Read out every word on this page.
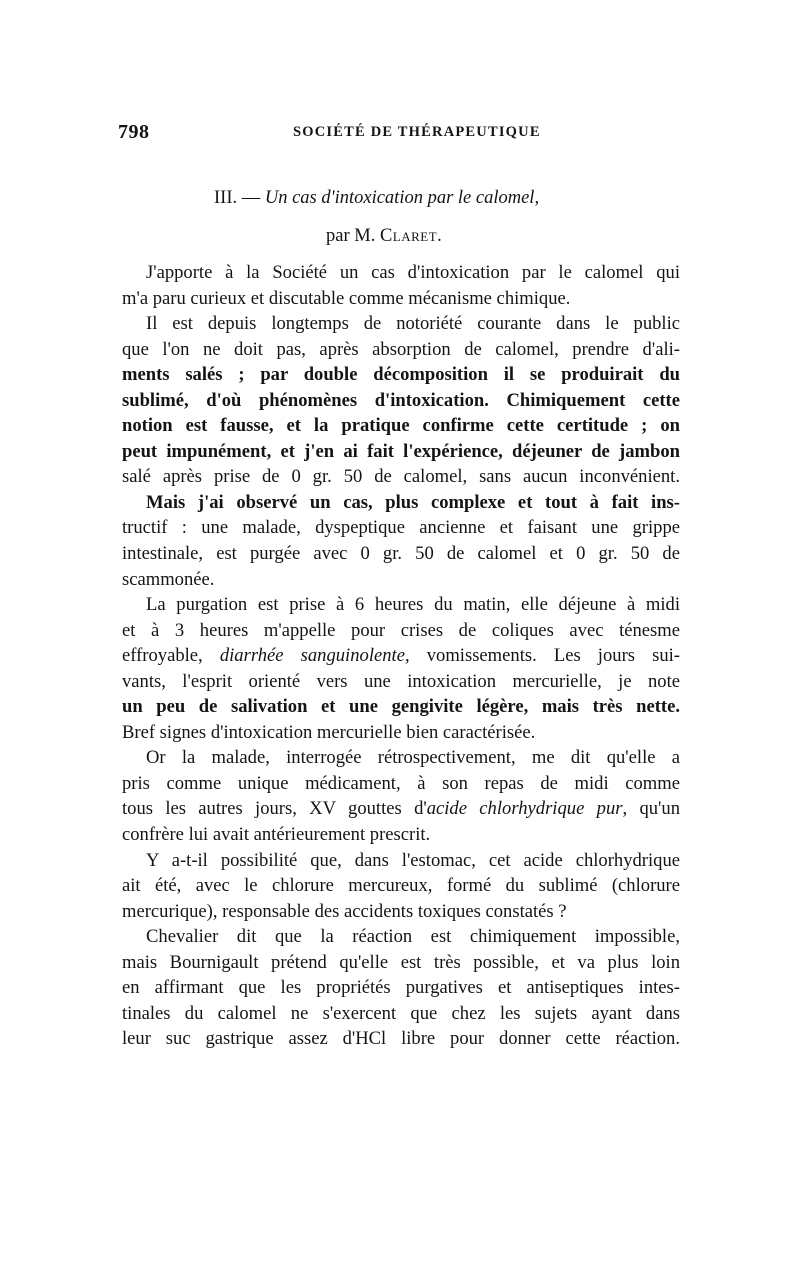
798	SOCIÉTÉ DE THÉRAPEUTIQUE
III. — Un cas d'intoxication par le calomel,
par M. Claret.
J'apporte à la Société un cas d'intoxication par le calomel qui
m'a paru curieux et discutable comme mécanisme chimique.
Il est depuis longtemps de notoriété courante dans le public
que l'on ne doit pas, après absorption de calomel, prendre d'ali-
ments salés ; par double décomposition il se produirait du
sublimé, d'où phénomènes d'intoxication. Chimiquement cette
notion est fausse, et la pratique confirme cette certitude ; on
peut impunément, et j'en ai fait l'expérience, déjeuner de jambon
salé après prise de 0 gr. 50 de calomel, sans aucun inconvénient.
Mais j'ai observé un cas, plus complexe et tout à fait ins-
tructif : une malade, dyspeptique ancienne et faisant une grippe
intestinale, est purgée avec 0 gr. 50 de calomel et 0 gr. 50 de
scammonée.
La purgation est prise à 6 heures du matin, elle déjeune à midi
et à 3 heures m'appelle pour crises de coliques avec ténesme
effroyable, diarrhée sanguinolente, vomissements. Les jours sui-
vants, l'esprit orienté vers une intoxication mercurielle, je note
un peu de salivation et une gengivite légère, mais très nette.
Bref signes d'intoxication mercurielle bien caractérisée.
Or la malade, interrogée rétrospectivement, me dit qu'elle a
pris comme unique médicament, à son repas de midi comme
tous les autres jours, XV gouttes d'acide chlorhydrique pur, qu'un
confrère lui avait antérieurement prescrit.
Y a-t-il possibilité que, dans l'estomac, cet acide chlorhydrique
ait été, avec le chlorure mercureux, formé du sublimé (chlorure
mercurique), responsable des accidents toxiques constatés ?
Chevalier dit que la réaction est chimiquement impossible,
mais Bournigault prétend qu'elle est très possible, et va plus loin
en affirmant que les propriétés purgatives et antiseptiques intes-
tinales du calomel ne s'exercent que chez les sujets ayant dans
leur suc gastrique assez d'HCl libre pour donner cette réaction.
